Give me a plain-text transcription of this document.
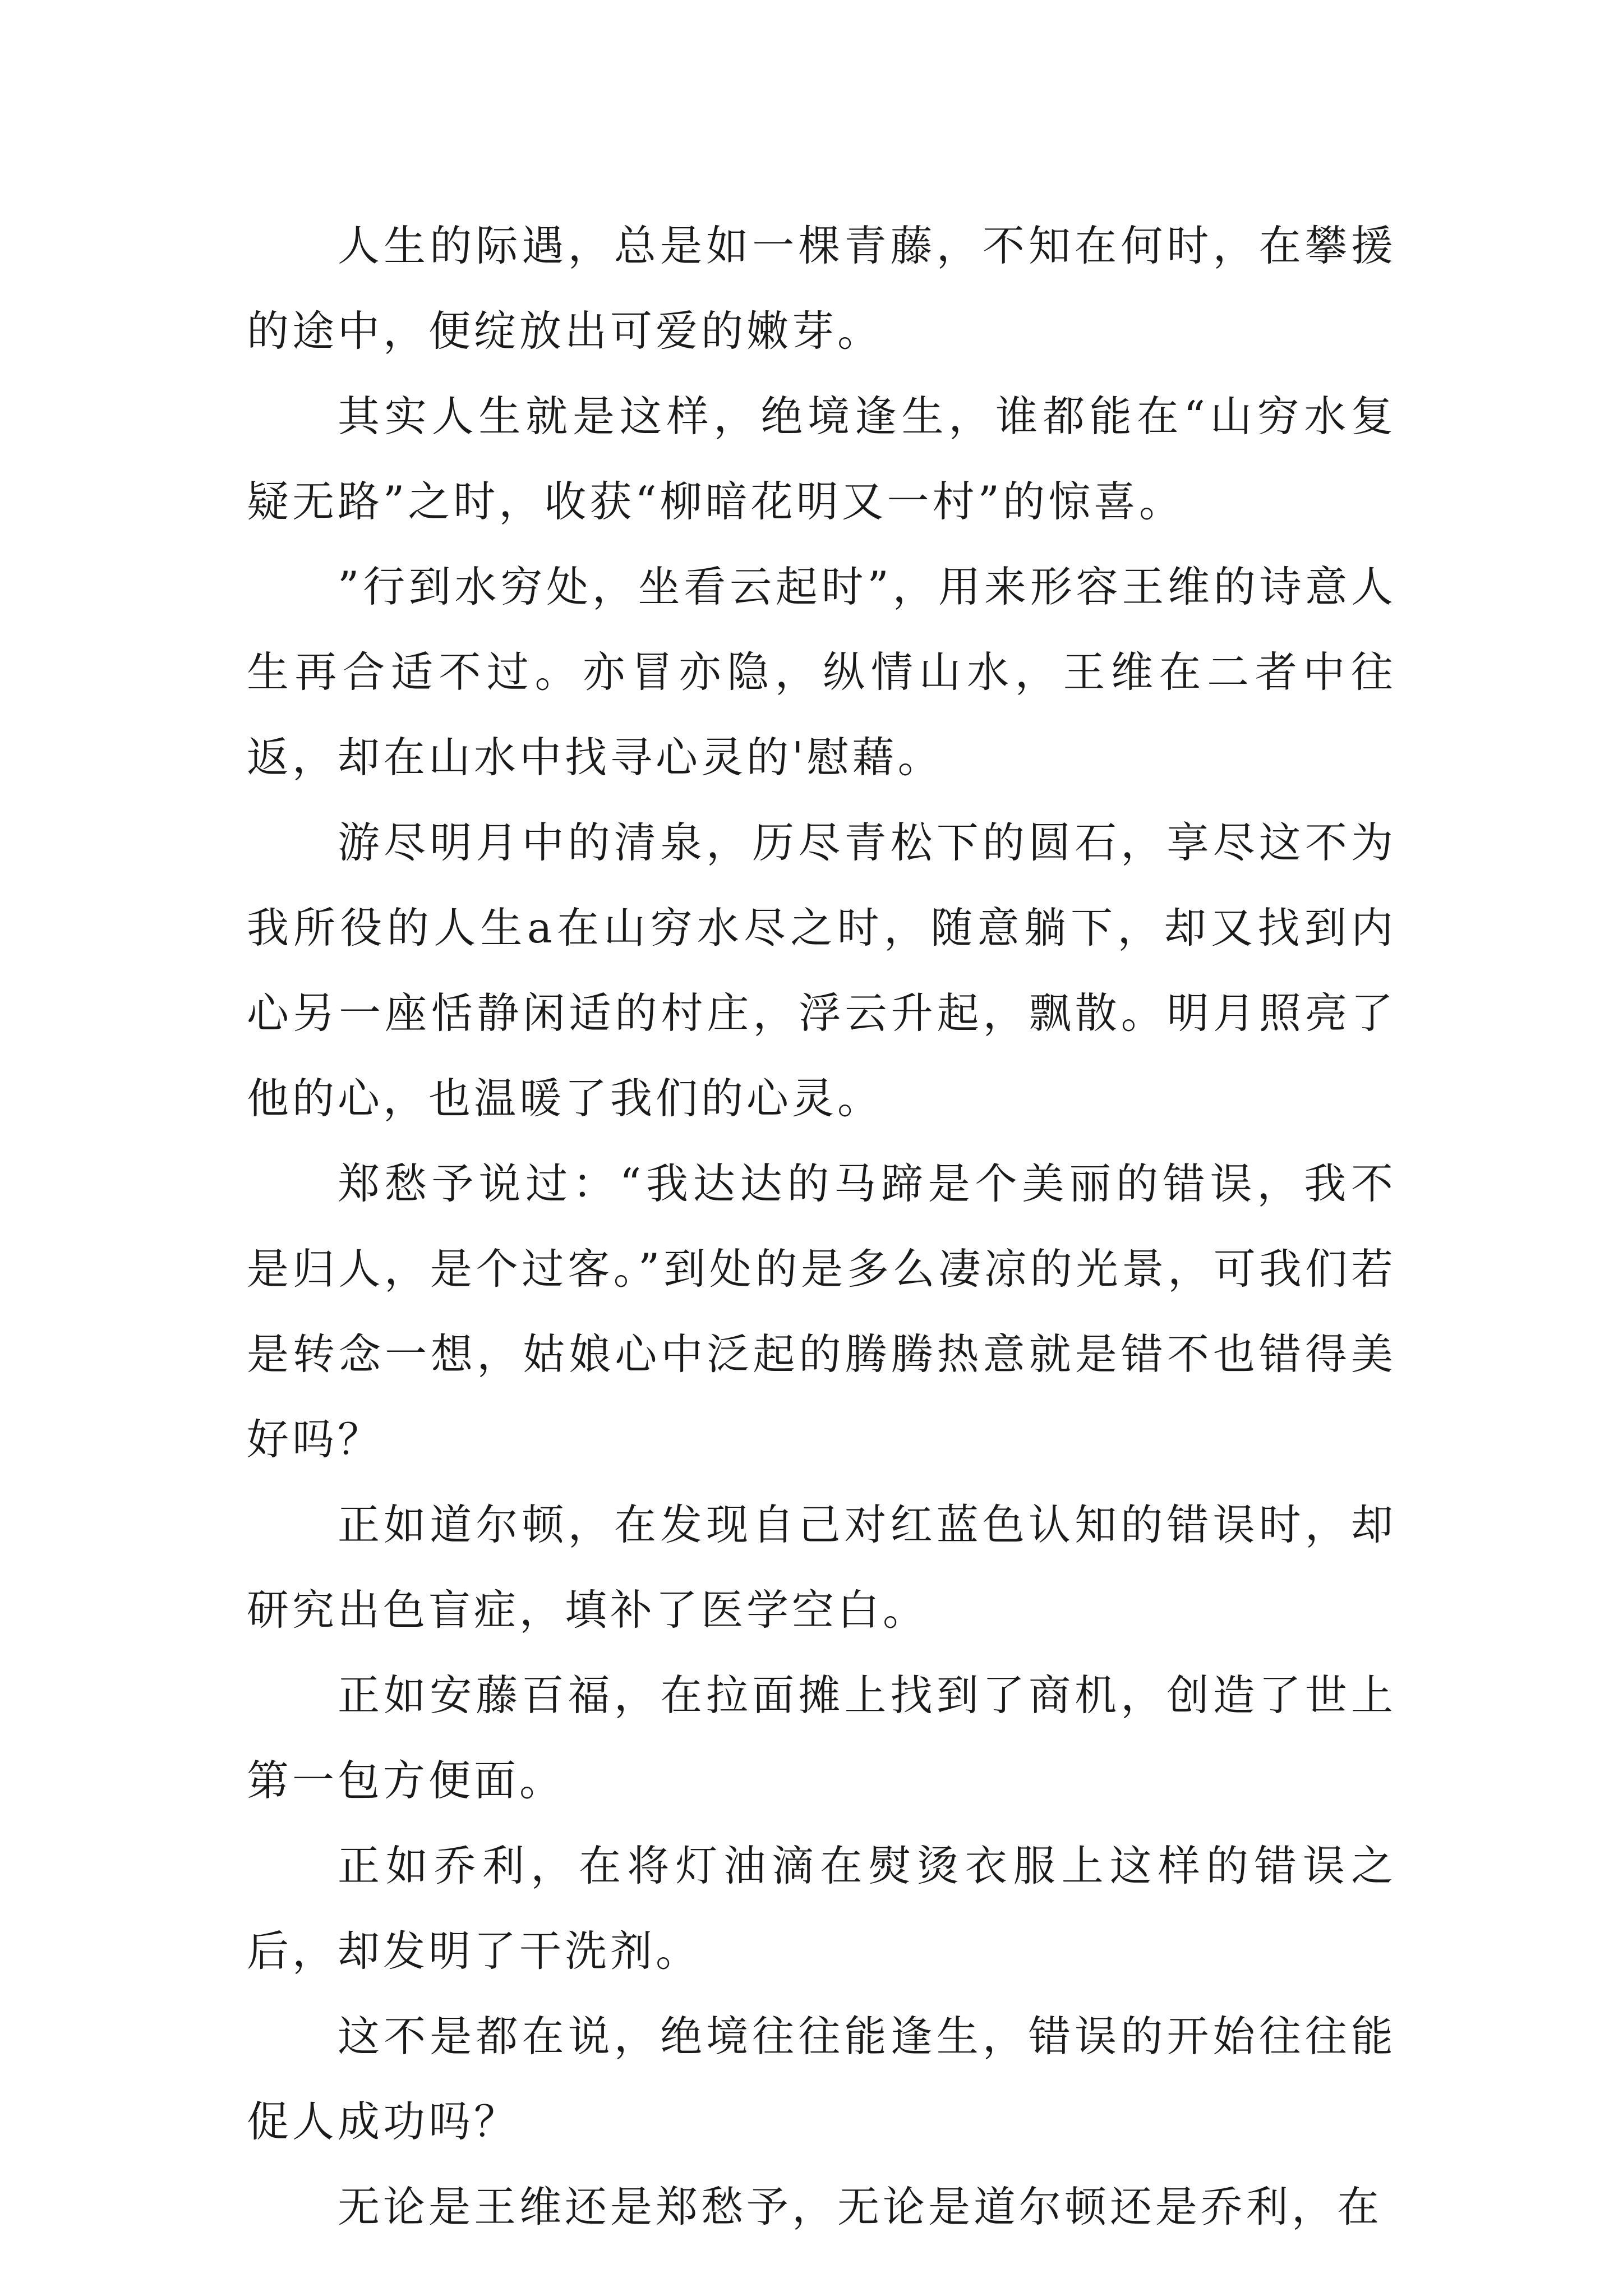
人生的际遇，总是如一棵青藤，不知在何时，在攀援的途中，便绽放出可爱的嫩芽。

其实人生就是这样，绝境逢生，谁都能在“山穷水复疑无路”之时，收获“柳暗花明又一村”的惊喜。

”行到水穷处，坐看云起时”，用来形容王维的诗意人生再合适不过。亦冒亦隐，纵情山水，王维在二者中往返，却在山水中找寻心灵的'慰藉。

游尽明月中的清泉，历尽青松下的圆石，享尽这不为我所役的人生a在山穷水尽之时，随意躺下，却又找到内心另一座恬静闲适的村庄，浮云升起，飘散。明月照亮了他的心，也温暖了我们的心灵。

郑愁予说过：“我达达的马蹄是个美丽的错误，我不是归人，是个过客。”到处的是多么凄凉的光景，可我们若是转念一想，姑娘心中泛起的腾腾热意就是错不也错得美好吗？

正如道尔顿，在发现自己对红蓝色认知的错误时，却研究出色盲症，填补了医学空白。

正如安藤百福，在拉面摊上找到了商机，创造了世上第一包方便面。

正如乔利，在将灯油滴在熨烫衣服上这样的错误之后，却发明了干洗剂。

这不是都在说，绝境往往能逢生，错误的开始往往能促人成功吗？

无论是王维还是郑愁予，无论是道尔顿还是乔利，在
